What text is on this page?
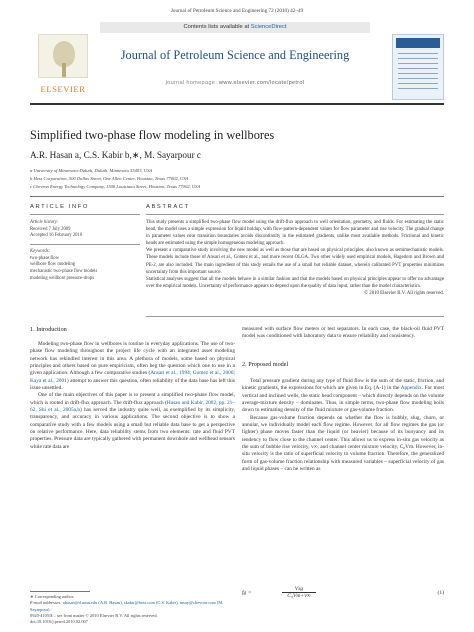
Journal of Petroleum Science and Engineering 72 (2010) 42–49
Contents lists available at ScienceDirect
ELSEVIER
Journal of Petroleum Science and Engineering
journal homepage: www.elsevier.com/locate/petrol
Simplified two-phase flow modeling in wellbores
A.R. Hasan a, C.S. Kabir b,∗, M. Sayarpour c
a University of Minnesota-Duluth, Duluth, Minnesota 55403, USA
b Hess Corporation, 500 Dallas Street, One Allen Center, Houston, Texas 77002, USA
c Chevron Energy Technology Company, 1500 Louisiana Street, Houston, Texas 77002, USA
ARTICLE INFO	ABSTRACT
Article history:
Received 7 July 2009
Accepted 16 February 2010
Keywords:
two-phase flow
wellbore flow modeling
mechanistic two-phase flow models
modeling wellbore pressure-drops

This study presents a simplified two-phase flow model using the drift-flux approach to well orientation, geometry, and fluids. For estimating the static head, the model uses a simple expression for liquid holdup, with flow-pattern-dependent values for flow parameter and rise velocity. The gradual change in parameter values near transition boundaries avoids discontinuity in the estimated gradients, unlike most available methods. Frictional and kinetic heads are estimated using the simple homogeneous modeling approach.

We present a comparative study involving the new model as well as those that are based on physical principles, also known as semimechanistic models. These models include those of Ansari et al., Gomez et al., and more recent OLGA. Two other widely used empirical models, Hagedorn and Brown and PE-2, are also included. The main ingredient of this study entails the use of a small but reliable dataset, wherein calibrated PVT properties minimizes uncertainty from this important source.

Statistical analyses suggest that all the models behave in a similar fashion and that the models based on physical principles appear to offer no advantage over the empirical models. Uncertainty of performance appears to depend upon the quality of data input, rather than the model characteristics.

© 2010 Elsevier B.V. All rights reserved.
1. Introduction

Modeling two-phase flow in wellbores is routine in everyday applications. The use of two-phase flow modeling throughout the project life cycle with an integrated asset modeling network has rekindled interest in this area. A plethora of models, some based on physical principles and others based on pure empiricism, often beg the question which one to use in a given application. Although a few comparative studies (Ansari et al., 1994; Gomez et al., 2000; Kaya et al., 2001) attempt to answer this question, often reliability of the data base has left this issue unsettled.

One of the main objectives of this paper is to present a simplified two-phase flow model, which is rooted in drift-flux approach. The drift-flux approach (Hasan and Kabir, 2002, pp. 21–62, Shi et al., 2005a,b) has served the industry quite well, as exemplified by its simplicity, transparency, and accuracy in various applications. The second objective is to show a comparative study with a few models using a small but reliable data base to get a perspective on relative performance. Here, data reliability stems from two elements: rate and fluid PVT properties. Pressure data are typically gathered with permanent downhole and wellhead sensors while rate data are

measured with surface flow meters or test separators. In each case, the black-oil fluid PVT model was conditioned with laboratory data to ensure reliability and consistency.
2. Proposed model

Total pressure gradient during any type of fluid flow is the sum of the static, friction, and kinetic gradients, the expressions for which are given in Eq. (A-1) in the Appendix. For most vertical and inclined wells, the static head component – which directly depends on the volume average-mixture density – dominates. Thus, in simple terms, two-phase flow modeling boils down to estimating density of the fluid mixture or gas-volume fraction.

Because gas-volume fraction depends on whether the flow is bubbly, slug, churn, or annular, we individually model each flow regime. However, for all flow regimes the gas (or lighter) phase moves faster than the liquid (or heavier) because of its buoyancy and its tendency to flow close to the channel center. This allows us to express in-situ gas velocity as the sum of bubble rise velocity, v∞, and channel center mixture velocity, C₀Vm. However, in-situ velocity is the ratio of superficial velocity to volume fraction. Therefore, the generalized form of gas-volume fraction relationship with measured variables – superficial velocity of gas and liquid phases – can be written as

fg =
Vsg
C₀Vm+v∞	(1)
∗ Corresponding author.
E-mail addresses: ahasan@d.umn.edu (A.R. Hasan), skabir@hess.com (C.S. Kabir), msay@chevron.com (M. Sayarpour).
0920-4105/$ – see front matter © 2010 Elsevier B.V. All rights reserved.
doi:10.1016/j.petrol.2010.02.007
